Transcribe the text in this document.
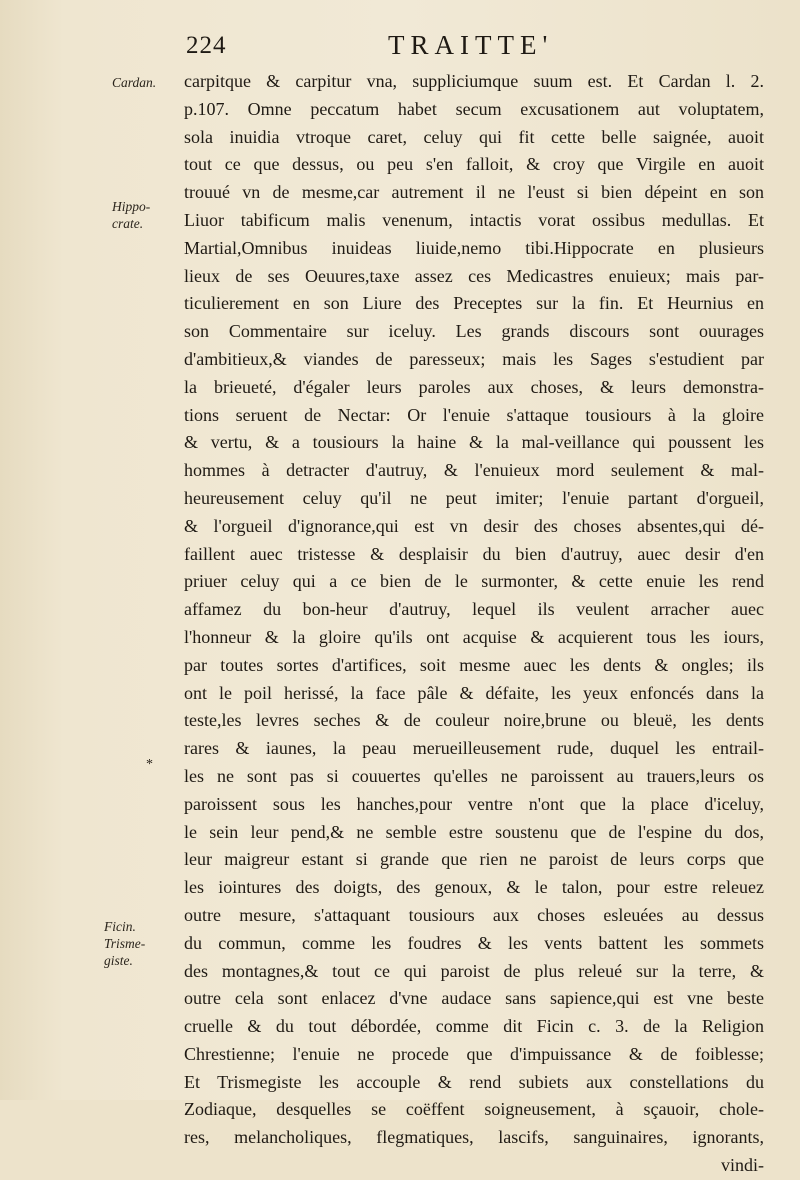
224	TRAITTE'
Cardan.
Hippo-crate.
*
Ficin. Trisme-giste.
carpitque & carpitur vna, suppliciumque suum est. Et Cardan l. 2.
p.107. Omne peccatum habet secum excusationem aut voluptatem,
sola inuidia vtroque caret, celuy qui fit cette belle saignée, auoit
tout ce que dessus, ou peu s'en falloit, & croy que Virgile en auoit
trouué vn de mesme,car autrement il ne l'eust si bien dépeint en son
Liuor tabificum malis venenum, intactis vorat ossibus medullas. Et
Martial,Omnibus inuideas liuide,nemo tibi.Hippocrate en plusieurs
lieux de ses Oeuures,taxe assez ces Medicastres enuieux; mais par-
ticulierement en son Liure des Preceptes sur la fin. Et Heurnius en
son Commentaire sur iceluy. Les grands discours sont ouurages
d'ambitieux,& viandes de paresseux; mais les Sages s'estudient par
la brieueté, d'égaler leurs paroles aux choses, & leurs demonstra-
tions seruent de Nectar: Or l'enuie s'attaque tousiours à la gloire
& vertu, & a tousiours la haine & la mal-veillance qui poussent les
hommes à detracter d'autruy, & l'enuieux mord seulement & mal-
heureusement celuy qu'il ne peut imiter; l'enuie partant d'orgueil,
& l'orgueil d'ignorance,qui est vn desir des choses absentes,qui dé-
faillent auec tristesse & desplaisir du bien d'autruy, auec desir d'en
priuer celuy qui a ce bien de le surmonter, & cette enuie les rend
affamez du bon-heur d'autruy, lequel ils veulent arracher auec
l'honneur & la gloire qu'ils ont acquise & acquierent tous les iours,
par toutes sortes d'artifices, soit mesme auec les dents & ongles; ils
ont le poil herissé, la face pâle & défaite, les yeux enfoncés dans la
teste,les levres seches & de couleur noire,brune ou bleuë, les dents
rares & iaunes, la peau merueilleusement rude, duquel les entrail-
les ne sont pas si couuertes qu'elles ne paroissent au trauers,leurs os
paroissent sous les hanches,pour ventre n'ont que la place d'iceluy,
le sein leur pend,& ne semble estre soustenu que de l'espine du dos,
leur maigreur estant si grande que rien ne paroist de leurs corps que
les iointures des doigts, des genoux, & le talon, pour estre releuez
outre mesure, s'attaquant tousiours aux choses esleuées au dessus
du commun, comme les foudres & les vents battent les sommets
des montagnes,& tout ce qui paroist de plus releué sur la terre, &
outre cela sont enlacez d'vne audace sans sapience,qui est vne beste
cruelle & du tout débordée, comme dit Ficin c. 3. de la Religion
Chrestienne; l'enuie ne procede que d'impuissance & de foiblesse;
Et Trismegiste les accouple & rend subiets aux constellations du
Zodiaque, desquelles se coëffent soigneusement, à sçauoir, chole-
res, melancholiques, flegmatiques, lascifs, sanguinaires, ignorants,
vindi-
